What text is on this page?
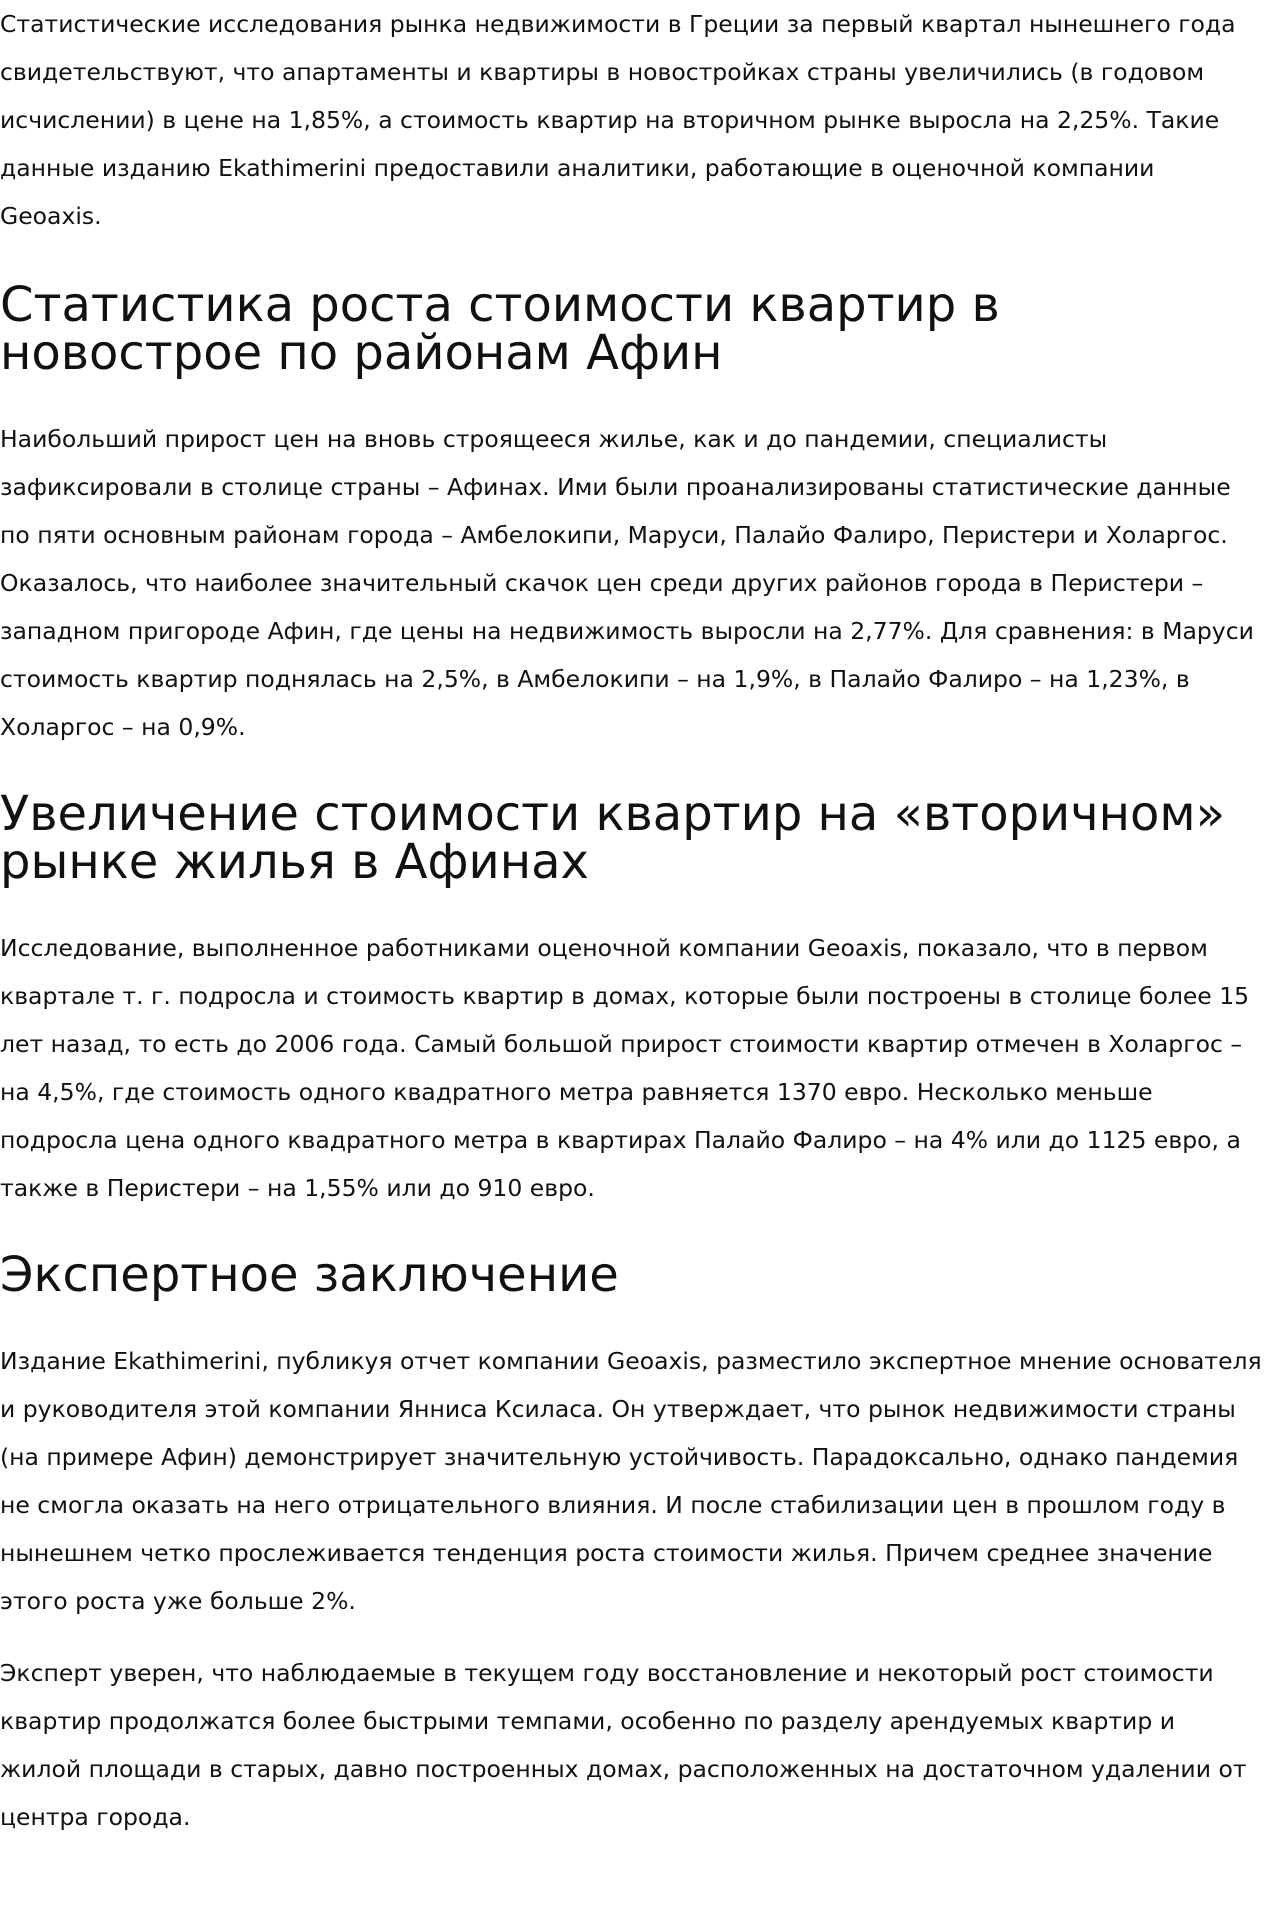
Статистические исследования рынка недвижимости в Греции за первый квартал нынешнего года свидетельствуют, что апартаменты и квартиры в новостройках страны увеличились (в годовом исчислении) в цене на 1,85%, а стоимость квартир на вторичном рынке выросла на 2,25%. Такие данные изданию Ekathimerini предоставили аналитики, работающие в оценочной компании Geoaxis.

Статистика роста стоимости квартир в новострое по районам Афин

Наибольший прирост цен на вновь строящееся жилье, как и до пандемии, специалисты зафиксировали в столице страны – Афинах. Ими были проанализированы статистические данные по пяти основным районам города – Амбелокипи, Маруси, Палайо Фалиро, Перистери и Холаргос. Оказалось, что наиболее значительный скачок цен среди других районов города в Перистери – западном пригороде Афин, где цены на недвижимость выросли на 2,77%. Для сравнения: в Маруси стоимость квартир поднялась на 2,5%, в Амбелокипи – на 1,9%, в Палайо Фалиро – на 1,23%, в Холаргос – на 0,9%.

Увеличение стоимости квартир на «вторичном» рынке жилья в Афинах

Исследование, выполненное работниками оценочной компании Geoaxis, показало, что в первом квартале т. г. подросла и стоимость квартир в домах, которые были построены в столице более 15 лет назад, то есть до 2006 года. Самый большой прирост стоимости квартир отмечен в Холаргос – на 4,5%, где стоимость одного квадратного метра равняется 1370 евро. Несколько меньше подросла цена одного квадратного метра в квартирах Палайо Фалиро – на 4% или до 1125 евро, а также в Перистери – на 1,55% или до 910 евро.

Экспертное заключение

Издание Ekathimerini, публикуя отчет компании Geoaxis, разместило экспертное мнение основателя и руководителя этой компании Янниса Ксиласа. Он утверждает, что рынок недвижимости страны (на примере Афин) демонстрирует значительную устойчивость. Парадоксально, однако пандемия не смогла оказать на него отрицательного влияния. И после стабилизации цен в прошлом году в нынешнем четко прослеживается тенденция роста стоимости жилья. Причем среднее значение этого роста уже больше 2%.

Эксперт уверен, что наблюдаемые в текущем году восстановление и некоторый рост стоимости квартир продолжатся более быстрыми темпами, особенно по разделу арендуемых квартир и жилой площади в старых, давно построенных домах, расположенных на достаточном удалении от центра города.
